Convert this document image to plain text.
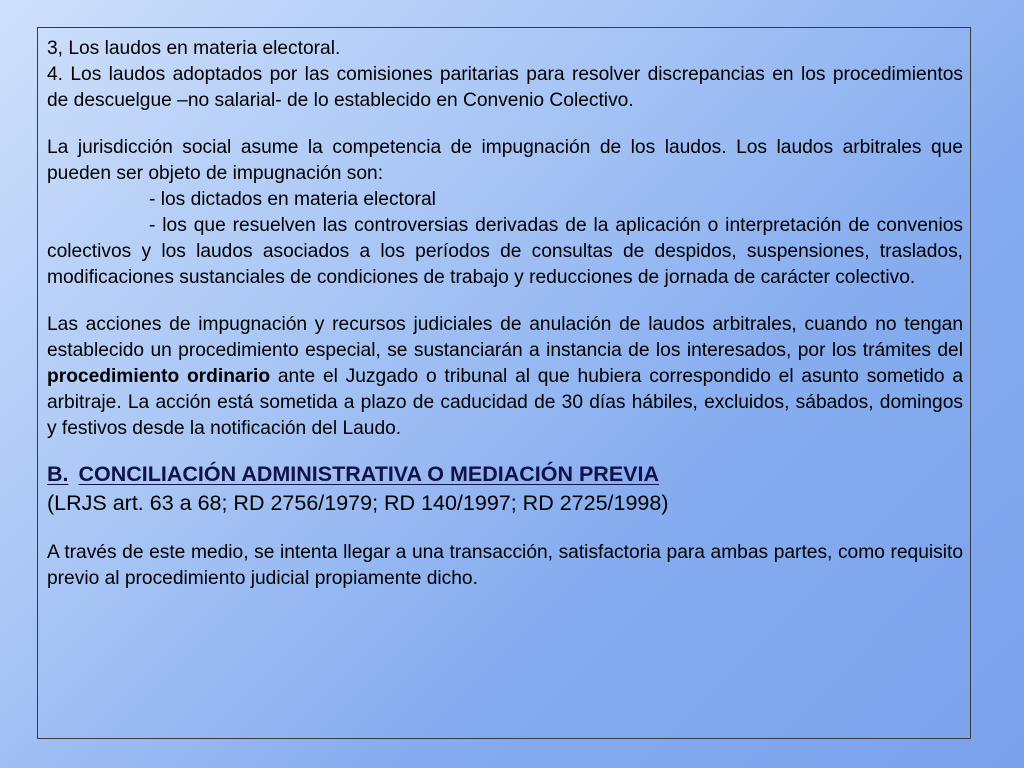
3, Los laudos en materia electoral.

4. Los laudos adoptados por las comisiones paritarias para resolver discrepancias en los procedimientos de descuelgue –no salarial- de lo establecido en Convenio Colectivo.

La jurisdicción social asume la competencia de impugnación de los laudos. Los laudos arbitrales que pueden ser objeto de impugnación son:

- los dictados en materia electoral

- los que resuelven las controversias derivadas de la aplicación o interpretación de convenios colectivos y los laudos asociados a los períodos de consultas de despidos, suspensiones, traslados, modificaciones sustanciales de condiciones de trabajo y reducciones de jornada de carácter colectivo.

Las acciones de impugnación y recursos judiciales de anulación de laudos arbitrales, cuando no tengan establecido un procedimiento especial, se sustanciarán a instancia de los interesados, por los trámites del procedimiento ordinario ante el Juzgado o tribunal al que hubiera correspondido el asunto sometido a arbitraje. La acción está sometida a plazo de caducidad de 30 días hábiles, excluidos, sábados, domingos y festivos desde la notificación del Laudo.

B. CONCILIACIÓN ADMINISTRATIVA O MEDIACIÓN PREVIA

(LRJS art. 63 a 68; RD 2756/1979; RD 140/1997; RD 2725/1998)

A través de este medio, se intenta llegar a una transacción, satisfactoria para ambas partes, como requisito previo al procedimiento judicial propiamente dicho.
